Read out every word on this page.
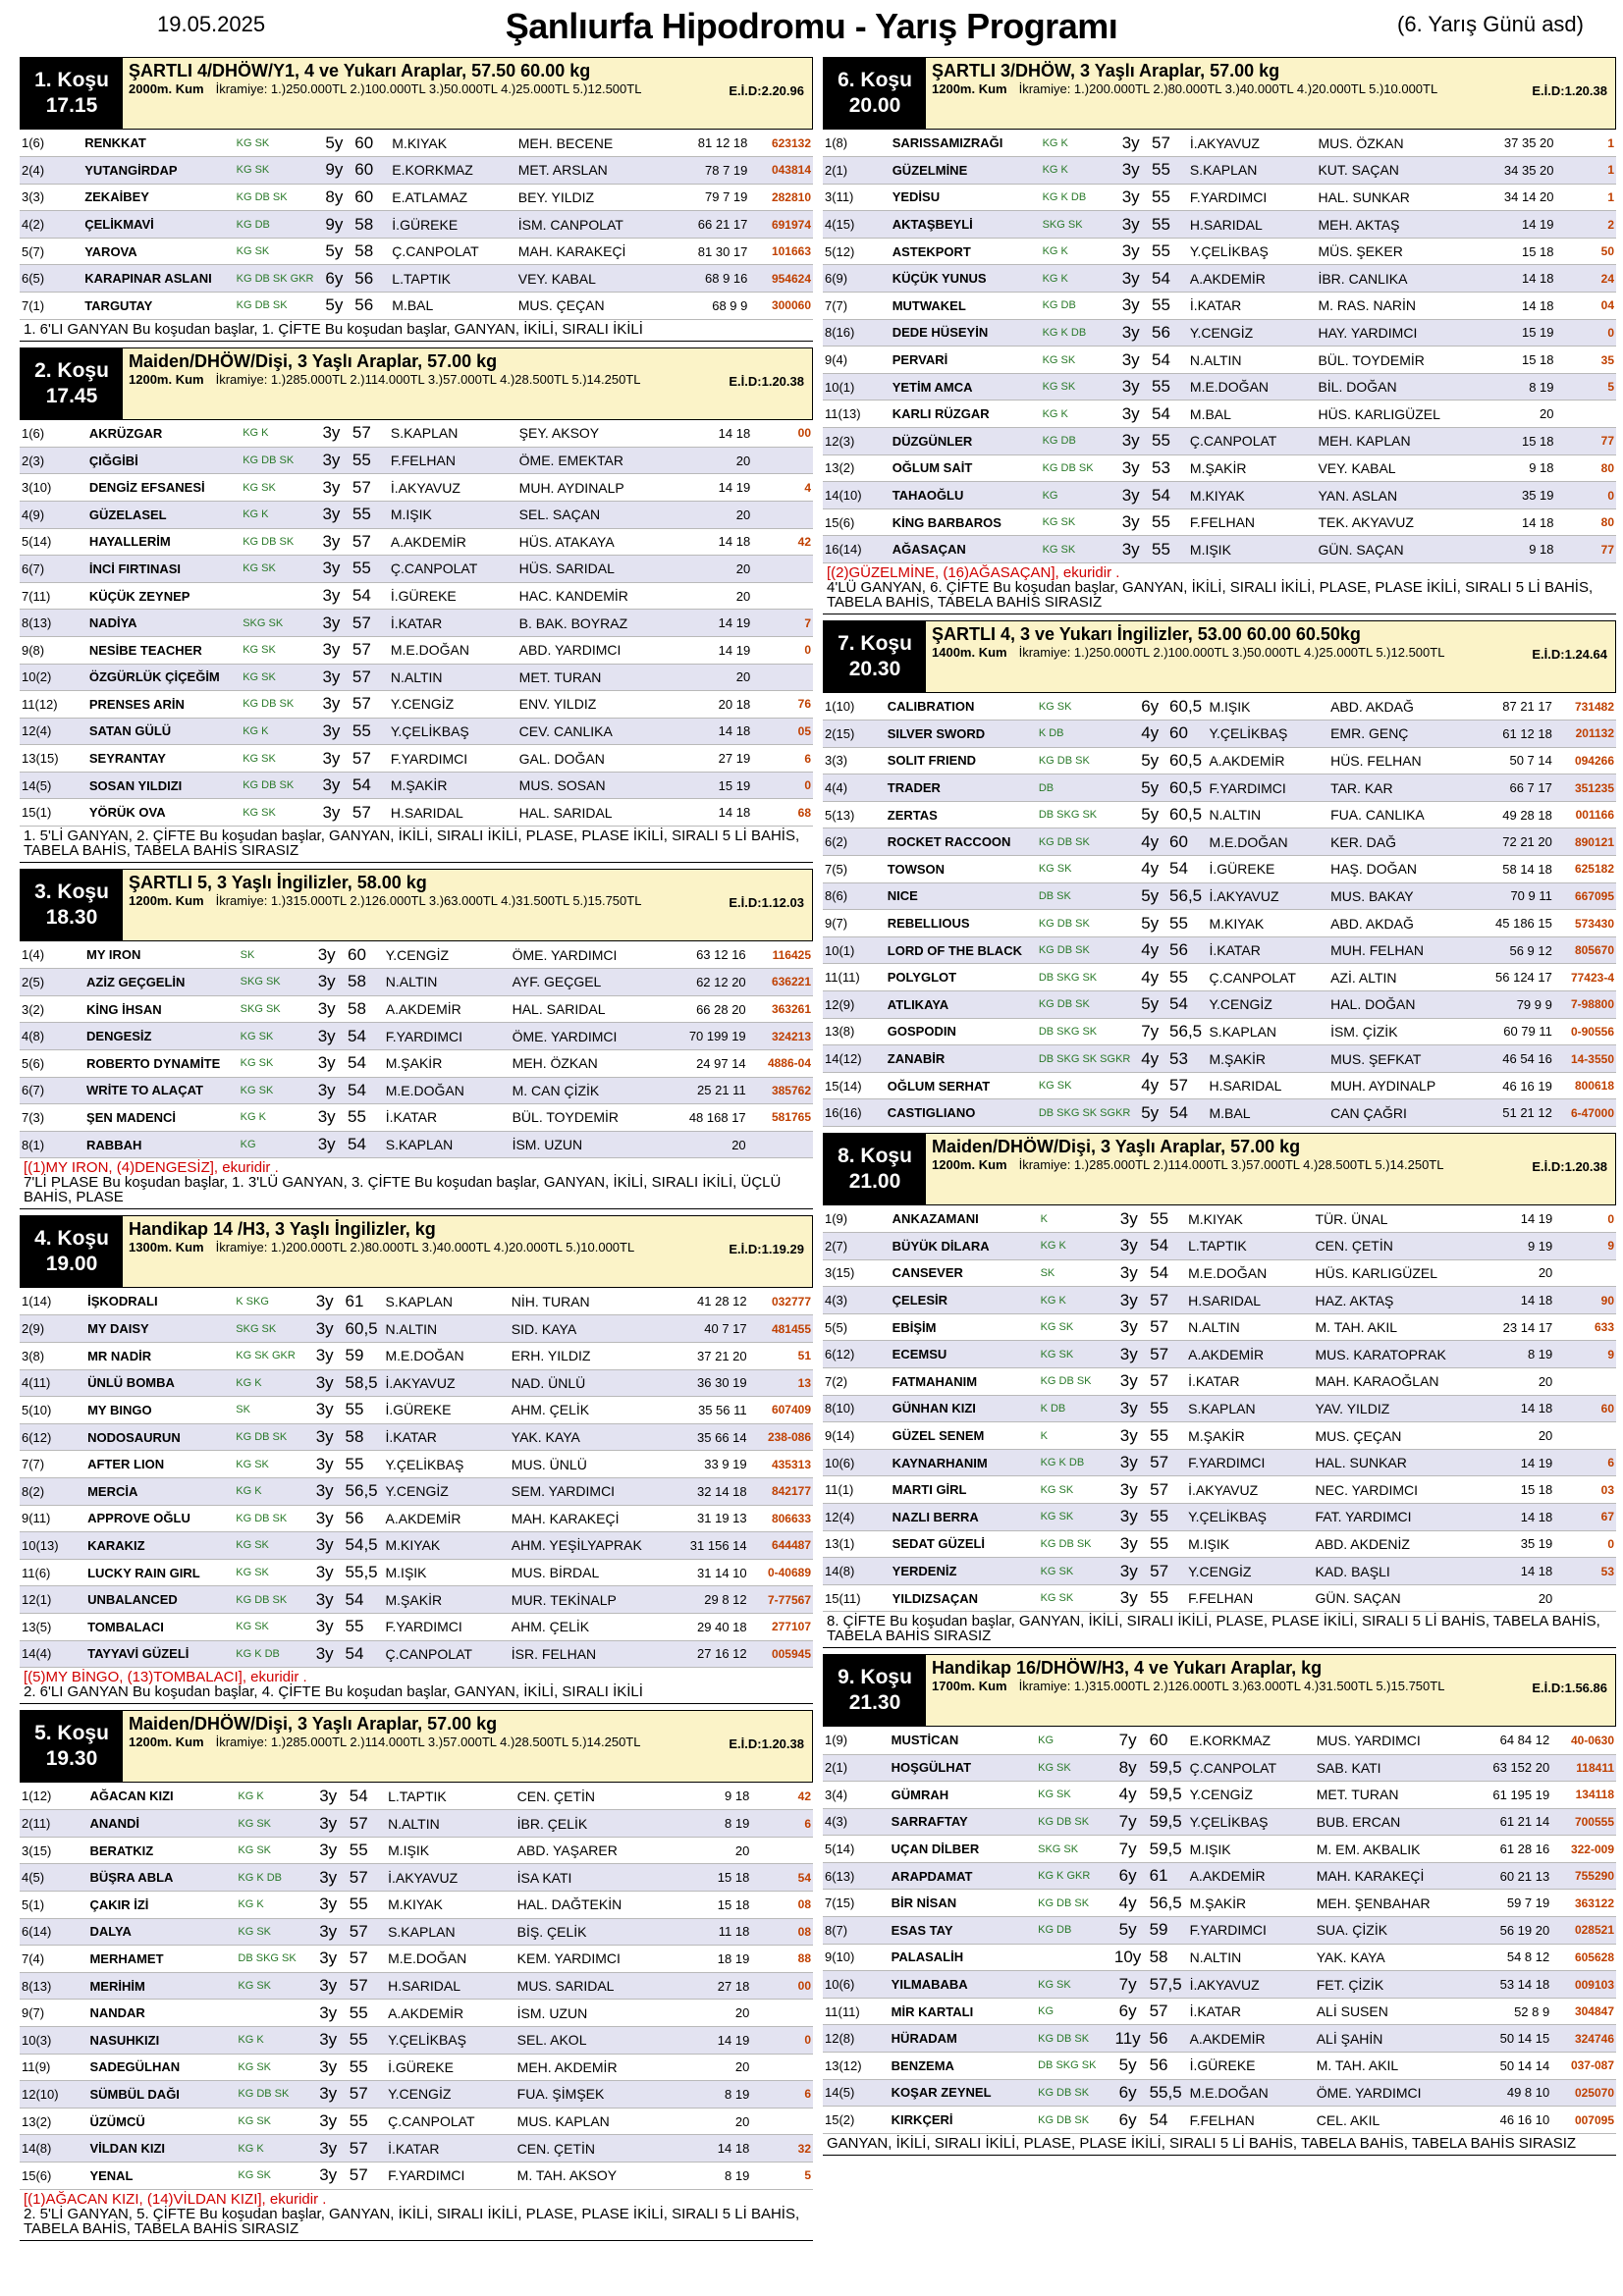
19.05.2025	Şanlıurfa Hipodromu - Yarış Programı	(6. Yarış Günü asd)
1. Koşu
17.15
ŞARTLI 4/DHÖW/Y1, 4 ve Yukarı Araplar, 57.50 60.00 kg
2000m. Kum İkramiye: 1.)250.000TL 2.)100.000TL 3.)50.000TL 4.)25.000TL 5.)12.500TL	E.İ.D:2.20.96
1(6)	RENKKAT	KG SK	5y	60	M.KIYAK	MEH. BECENE	81 12 18	623132
2(4)	YUTANGİRDAP	KG SK	9y	60	E.KORKMAZ	MET. ARSLAN	78 7 19	043814
3(3)	ZEKAİBEY	KG DB SK	8y	60	E.ATLAMAZ	BEY. YILDIZ	79 7 19	282810
4(2)	ÇELİKMAVİ	KG DB	9y	58	İ.GÜREKE	İSM. CANPOLAT	66 21 17	691974
5(7)	YAROVA	KG SK	5y	58	Ç.CANPOLAT	MAH. KARAKEÇİ	81 30 17	101663
6(5)	KARAPINAR ASLANI	KG DB SK GKR	6y	56	L.TAPTIK	VEY. KABAL	68 9 16	954624
7(1)	TARGUTAY	KG DB SK	5y	56	M.BAL	MUS. ÇEÇAN	68 9 9	300060
1. 6'LI GANYAN Bu koşudan başlar, 1. ÇİFTE Bu koşudan başlar, GANYAN, İKİLİ, SIRALI İKİLİ
2. Koşu
17.45
Maiden/DHÖW/Dişi, 3 Yaşlı Araplar, 57.00 kg
1200m. Kum İkramiye: 1.)285.000TL 2.)114.000TL 3.)57.000TL 4.)28.500TL 5.)14.250TL	E.İ.D:1.20.38
1(6)	AKRÜZGAR	KG K	3y	57	S.KAPLAN	ŞEY. AKSOY	14 18	00
2(3)	ÇIĞGİBİ	KG DB SK	3y	55	F.FELHAN	ÖME. EMEKTAR	20	
3(10)	DENGİZ EFSANESİ	KG SK	3y	57	İ.AKYAVUZ	MUH. AYDINALP	14 19	4
4(9)	GÜZELASEL	KG K	3y	55	M.IŞIK	SEL. SAÇAN	20	
5(14)	HAYALLERİM	KG DB SK	3y	57	A.AKDEMİR	HÜS. ATAKAYA	14 18	42
6(7)	İNCİ FIRTINASI	KG SK	3y	55	Ç.CANPOLAT	HÜS. SARIDAL	20	
7(11)	KÜÇÜK ZEYNEP		3y	54	İ.GÜREKE	HAC. KANDEMİR	20	
8(13)	NADİYA	SKG SK	3y	57	İ.KATAR	B. BAK. BOYRAZ	14 19	7
9(8)	NESİBE TEACHER	KG SK	3y	57	M.E.DOĞAN	ABD. YARDIMCI	14 19	0
10(2)	ÖZGÜRLÜK ÇİÇEĞİM	KG SK	3y	57	N.ALTIN	MET. TURAN	20	
11(12)	PRENSES ARİN	KG DB SK	3y	57	Y.CENGİZ	ENV. YILDIZ	20 18	76
12(4)	SATAN GÜLÜ	KG K	3y	55	Y.ÇELİKBAŞ	CEV. CANLIKA	14 18	05
13(15)	SEYRANTAY	KG SK	3y	57	F.YARDIMCI	GAL. DOĞAN	27 19	6
14(5)	SOSAN YILDIZI	KG DB SK	3y	54	M.ŞAKİR	MUS. SOSAN	15 19	0
15(1)	YÖRÜK OVA	KG SK	3y	57	H.SARIDAL	HAL. SARIDAL	14 18	68
1. 5'Lİ GANYAN, 2. ÇİFTE Bu koşudan başlar, GANYAN, İKİLİ, SIRALI İKİLİ, PLASE, PLASE İKİLİ, SIRALI 5 Lİ BAHİS, TABELA BAHİS, TABELA BAHİS SIRASIZ
3. Koşu
18.30
ŞARTLI 5, 3 Yaşlı İngilizler, 58.00 kg
1200m. Kum İkramiye: 1.)315.000TL 2.)126.000TL 3.)63.000TL 4.)31.500TL 5.)15.750TL	E.İ.D:1.12.03
1(4)	MY IRON	SK	3y	60	Y.CENGİZ	ÖME. YARDIMCI	63 12 16	116425
2(5)	AZİZ GEÇGELİN	SKG SK	3y	58	N.ALTIN	AYF. GEÇGEL	62 12 20	636221
3(2)	KİNG İHSAN	SKG SK	3y	58	A.AKDEMİR	HAL. SARIDAL	66 28 20	363261
4(8)	DENGESİZ	KG SK	3y	54	F.YARDIMCI	ÖME. YARDIMCI	70 199 19	324213
5(6)	ROBERTO DYNAMİTE	KG SK	3y	54	M.ŞAKİR	MEH. ÖZKAN	24 97 14	4886-04
6(7)	WRİTE TO ALAÇAT	KG SK	3y	54	M.E.DOĞAN	M. CAN ÇİZİK	25 21 11	385762
7(3)	ŞEN MADENCİ	KG K	3y	55	İ.KATAR	BÜL. TOYDEMİR	48 168 17	581765
8(1)	RABBAH	KG	3y	54	S.KAPLAN	İSM. UZUN	20	
[(1)MY IRON, (4)DENGESİZ], ekuridir .
7'Lİ PLASE Bu koşudan başlar, 1. 3'LÜ GANYAN, 3. ÇİFTE Bu koşudan başlar, GANYAN, İKİLİ, SIRALI İKİLİ, ÜÇLÜ BAHİS, PLASE
4. Koşu
19.00
Handikap 14 /H3, 3 Yaşlı İngilizler, kg
1300m. Kum İkramiye: 1.)200.000TL 2.)80.000TL 3.)40.000TL 4.)20.000TL 5.)10.000TL	E.İ.D:1.19.29
1(14)	İŞKODRALI	K SKG	3y	61	S.KAPLAN	NİH. TURAN	41 28 12	032777
2(9)	MY DAISY	SKG SK	3y	60,5	N.ALTIN	SID. KAYA	40 7 17	481455
3(8)	MR NADİR	KG SK GKR	3y	59	M.E.DOĞAN	ERH. YILDIZ	37 21 20	51
4(11)	ÜNLÜ BOMBA	KG K	3y	58,5	İ.AKYAVUZ	NAD. ÜNLÜ	36 30 19	13
5(10)	MY BINGO	SK	3y	55	İ.GÜREKE	AHM. ÇELİK	35 56 11	607409
6(12)	NODOSAURUN	KG DB SK	3y	58	İ.KATAR	YAK. KAYA	35 66 14	238-086
7(7)	AFTER LION	KG SK	3y	55	Y.ÇELİKBAŞ	MUS. ÜNLÜ	33 9 19	435313
8(2)	MERCİA	KG K	3y	56,5	Y.CENGİZ	SEM. YARDIMCI	32 14 18	842177
9(11)	APPROVE OĞLU	KG DB SK	3y	56	A.AKDEMİR	MAH. KARAKEÇİ	31 19 13	806633
10(13)	KARAKIZ	KG SK	3y	54,5	M.KIYAK	AHM. YEŞİLYAPRAK	31 156 14	644487
11(6)	LUCKY RAIN GIRL	KG SK	3y	55,5	M.IŞIK	MUS. BİRDAL	31 14 10	0-40689
12(1)	UNBALANCED	KG DB SK	3y	54	M.ŞAKİR	MUR. TEKİNALP	29 8 12	7-77567
13(5)	TOMBALACI	KG SK	3y	55	F.YARDIMCI	AHM. ÇELİK	29 40 18	277107
14(4)	TAYYAVİ GÜZELİ	KG K DB	3y	54	Ç.CANPOLAT	İSR. FELHAN	27 16 12	005945
[(5)MY BİNGO, (13)TOMBALACI], ekuridir .
2. 6'LI GANYAN Bu koşudan başlar, 4. ÇİFTE Bu koşudan başlar, GANYAN, İKİLİ, SIRALI İKİLİ
5. Koşu
19.30
Maiden/DHÖW/Dişi, 3 Yaşlı Araplar, 57.00 kg
1200m. Kum İkramiye: 1.)285.000TL 2.)114.000TL 3.)57.000TL 4.)28.500TL 5.)14.250TL	E.İ.D:1.20.38
1(12)	AĞACAN KIZI	KG K	3y	54	L.TAPTIK	CEN. ÇETİN	9 18	42
2(11)	ANANDİ	KG SK	3y	57	N.ALTIN	İBR. ÇELİK	8 19	6
3(15)	BERATKIZ	KG SK	3y	55	M.IŞIK	ABD. YAŞARER	20	
4(5)	BÜŞRA ABLA	KG K DB	3y	57	İ.AKYAVUZ	İSA KATI	15 18	54
5(1)	ÇAKIR İZİ	KG K	3y	55	M.KIYAK	HAL. DAĞTEKİN	15 18	08
6(14)	DALYA	KG SK	3y	57	S.KAPLAN	BİŞ. ÇELİK	11 18	08
7(4)	MERHAMET	DB SKG SK	3y	57	M.E.DOĞAN	KEM. YARDIMCI	18 19	88
8(13)	MERİHİM	KG SK	3y	57	H.SARIDAL	MUS. SARIDAL	27 18	00
9(7)	NANDAR		3y	55	A.AKDEMİR	İSM. UZUN	20	
10(3)	NASUHKIZI	KG K	3y	55	Y.ÇELİKBAŞ	SEL. AKOL	14 19	0
11(9)	SADEGÜLHAN	KG SK	3y	55	İ.GÜREKE	MEH. AKDEMİR	20	
12(10)	SÜMBÜL DAĞI	KG DB SK	3y	57	Y.CENGİZ	FUA. ŞİMŞEK	8 19	6
13(2)	ÜZÜMCÜ	KG SK	3y	55	Ç.CANPOLAT	MUS. KAPLAN	20	
14(8)	VİLDAN KIZI	KG K	3y	57	İ.KATAR	CEN. ÇETİN	14 18	32
15(6)	YENAL	KG SK	3y	57	F.YARDIMCI	M. TAH. AKSOY	8 19	5
[(1)AĞACAN KIZI, (14)VİLDAN KIZI], ekuridir .
2. 5'Lİ GANYAN, 5. ÇİFTE Bu koşudan başlar, GANYAN, İKİLİ, SIRALI İKİLİ, PLASE, PLASE İKİLİ, SIRALI 5 Lİ BAHİS, TABELA BAHİS, TABELA BAHİS SIRASIZ
6. Koşu
20.00
ŞARTLI 3/DHÖW, 3 Yaşlı Araplar, 57.00 kg
1200m. Kum İkramiye: 1.)200.000TL 2.)80.000TL 3.)40.000TL 4.)20.000TL 5.)10.000TL	E.İ.D:1.20.38
1(8)	SARISSAMIZRAĞI	KG K	3y	57	İ.AKYAVUZ	MUS. ÖZKAN	37 35 20	1
2(1)	GÜZELMİNE	KG K	3y	55	S.KAPLAN	KUT. SAÇAN	34 35 20	1
3(11)	YEDİSU	KG K DB	3y	55	F.YARDIMCI	HAL. SUNKAR	34 14 20	1
4(15)	AKTAŞBEYLİ	SKG SK	3y	55	H.SARIDAL	MEH. AKTAŞ	14 19	2
5(12)	ASTEKPORT	KG K	3y	55	Y.ÇELİKBAŞ	MÜS. ŞEKER	15 18	50
6(9)	KÜÇÜK YUNUS	KG K	3y	54	A.AKDEMİR	İBR. CANLIKA	14 18	24
7(7)	MUTWAKEL	KG DB	3y	55	İ.KATAR	M. RAS. NARİN	14 18	04
8(16)	DEDE HÜSEYİN	KG K DB	3y	56	Y.CENGİZ	HAY. YARDIMCI	15 19	0
9(4)	PERVARİ	KG SK	3y	54	N.ALTIN	BÜL. TOYDEMİR	15 18	35
10(1)	YETİM AMCA	KG SK	3y	55	M.E.DOĞAN	BİL. DOĞAN	8 19	5
11(13)	KARLI RÜZGAR	KG K	3y	54	M.BAL	HÜS. KARLIGÜZEL	20	
12(3)	DÜZGÜNLER	KG DB	3y	55	Ç.CANPOLAT	MEH. KAPLAN	15 18	77
13(2)	OĞLUM SAİT	KG DB SK	3y	53	M.ŞAKİR	VEY. KABAL	9 18	80
14(10)	TAHAOĞLU	KG	3y	54	M.KIYAK	YAN. ASLAN	35 19	0
15(6)	KİNG BARBAROS	KG SK	3y	55	F.FELHAN	TEK. AKYAVUZ	14 18	80
16(14)	AĞASAÇAN	KG SK	3y	55	M.IŞIK	GÜN. SAÇAN	9 18	77
[(2)GÜZELMİNE, (16)AĞASAÇAN], ekuridir .
4'LÜ GANYAN, 6. ÇİFTE Bu koşudan başlar, GANYAN, İKİLİ, SIRALI İKİLİ, PLASE, PLASE İKİLİ, SIRALI 5 Lİ BAHİS, TABELA BAHİS, TABELA BAHİS SIRASIZ
7. Koşu
20.30
ŞARTLI 4, 3 ve Yukarı İngilizler, 53.00 60.00 60.50kg
1400m. Kum İkramiye: 1.)250.000TL 2.)100.000TL 3.)50.000TL 4.)25.000TL 5.)12.500TL	E.İ.D:1.24.64
1(10)	CALIBRATION	KG SK	6y	60,5	M.IŞIK	ABD. AKDAĞ	87 21 17	731482
2(15)	SILVER SWORD	K DB	4y	60	Y.ÇELİKBAŞ	EMR. GENÇ	61 12 18	201132
3(3)	SOLIT FRIEND	KG DB SK	5y	60,5	A.AKDEMİR	HÜS. FELHAN	50 7 14	094266
4(4)	TRADER	DB	5y	60,5	F.YARDIMCI	TAR. KAR	66 7 17	351235
5(13)	ZERTAS	DB SKG SK	5y	60,5	N.ALTIN	FUA. CANLIKA	49 28 18	001166
6(2)	ROCKET RACCOON	KG DB SK	4y	60	M.E.DOĞAN	KER. DAĞ	72 21 20	890121
7(5)	TOWSON	KG SK	4y	54	İ.GÜREKE	HAŞ. DOĞAN	58 14 18	625182
8(6)	NICE	DB SK	5y	56,5	İ.AKYAVUZ	MUS. BAKAY	70 9 11	667095
9(7)	REBELLIOUS	KG DB SK	5y	55	M.KIYAK	ABD. AKDAĞ	45 186 15	573430
10(1)	LORD OF THE BLACK	KG DB SK	4y	56	İ.KATAR	MUH. FELHAN	56 9 12	805670
11(11)	POLYGLOT	DB SKG SK	4y	55	Ç.CANPOLAT	AZİ. ALTIN	56 124 17	77423-4
12(9)	ATLIKAYA	KG DB SK	5y	54	Y.CENGİZ	HAL. DOĞAN	79 9 9	7-98800
13(8)	GOSPODIN	DB SKG SK	7y	56,5	S.KAPLAN	İSM. ÇİZİK	60 79 11	0-90556
14(12)	ZANABİR	DB SKG SK SGKR	4y	53	M.ŞAKİR	MUS. ŞEFKAT	46 54 16	14-3550
15(14)	OĞLUM SERHAT	KG SK	4y	57	H.SARIDAL	MUH. AYDINALP	46 16 19	800618
16(16)	CASTIGLIANO	DB SKG SK SGKR	5y	54	M.BAL	CAN ÇAĞRI	51 21 12	6-47000
8. Koşu
21.00
Maiden/DHÖW/Dişi, 3 Yaşlı Araplar, 57.00 kg
1200m. Kum İkramiye: 1.)285.000TL 2.)114.000TL 3.)57.000TL 4.)28.500TL 5.)14.250TL	E.İ.D:1.20.38
1(9)	ANKAZAMANI	K	3y	55	M.KIYAK	TÜR. ÜNAL	14 19	0
2(7)	BÜYÜK DİLARA	KG K	3y	54	L.TAPTIK	CEN. ÇETİN	9 19	9
3(15)	CANSEVER	SK	3y	54	M.E.DOĞAN	HÜS. KARLIGÜZEL	20	
4(3)	ÇELESİR	KG K	3y	57	H.SARIDAL	HAZ. AKTAŞ	14 18	90
5(5)	EBİŞİM	KG SK	3y	57	N.ALTIN	M. TAH. AKIL	23 14 17	633
6(12)	ECEMSU	KG SK	3y	57	A.AKDEMİR	MUS. KARATOPRAK	8 19	9
7(2)	FATMAHANIM	KG DB SK	3y	57	İ.KATAR	MAH. KARAOĞLAN	20	
8(10)	GÜNHAN KIZI	K DB	3y	55	S.KAPLAN	YAV. YILDIZ	14 18	60
9(14)	GÜZEL SENEM	K	3y	55	M.ŞAKİR	MUS. ÇEÇAN	20	
10(6)	KAYNARHANIM	KG K DB	3y	57	F.YARDIMCI	HAL. SUNKAR	14 19	6
11(1)	MARTI GİRL	KG SK	3y	57	İ.AKYAVUZ	NEC. YARDIMCI	15 18	03
12(4)	NAZLI BERRA	KG SK	3y	55	Y.ÇELİKBAŞ	FAT. YARDIMCI	14 18	67
13(1)	SEDAT GÜZELİ	KG DB SK	3y	55	M.IŞIK	ABD. AKDENİZ	35 19	0
14(8)	YERDENİZ	KG SK	3y	57	Y.CENGİZ	KAD. BAŞLI	14 18	53
15(11)	YILDIZSAÇAN	KG SK	3y	55	F.FELHAN	GÜN. SAÇAN	20	
8. ÇİFTE Bu koşudan başlar, GANYAN, İKİLİ, SIRALI İKİLİ, PLASE, PLASE İKİLİ, SIRALI 5 Lİ BAHİS, TABELA BAHİS, TABELA BAHİS SIRASIZ
9. Koşu
21.30
Handikap 16/DHÖW/H3, 4 ve Yukarı Araplar, kg
1700m. Kum İkramiye: 1.)315.000TL 2.)126.000TL 3.)63.000TL 4.)31.500TL 5.)15.750TL	E.İ.D:1.56.86
1(9)	MUSTİCAN	KG	7y	60	E.KORKMAZ	MUS. YARDIMCI	64 84 12	40-0630
2(1)	HOŞGÜLHAT	KG SK	8y	59,5	Ç.CANPOLAT	SAB. KATI	63 152 20	118411
3(4)	GÜMRAH	KG SK	4y	59,5	Y.CENGİZ	MET. TURAN	61 195 19	134118
4(3)	SARRAFTAY	KG DB SK	7y	59,5	Y.ÇELİKBAŞ	BUB. ERCAN	61 21 14	700555
5(14)	UÇAN DİLBER	SKG SK	7y	59,5	M.IŞIK	M. EM. AKBALIK	61 28 16	322-009
6(13)	ARAPDAMAT	KG K GKR	6y	61	A.AKDEMİR	MAH. KARAKEÇİ	60 21 13	755290
7(15)	BİR NİSAN	KG DB SK	4y	56,5	M.ŞAKİR	MEH. ŞENBAHAR	59 7 19	363122
8(7)	ESAS TAY	KG DB	5y	59	F.YARDIMCI	SUA. ÇİZİK	56 19 20	028521
9(10)	PALASALİH		10y	58	N.ALTIN	YAK. KAYA	54 8 12	605628
10(6)	YILMABABA	KG SK	7y	57,5	İ.AKYAVUZ	FET. ÇİZİK	53 14 18	009103
11(11)	MİR KARTALI	KG	6y	57	İ.KATAR	ALİ SUSEN	52 8 9	304847
12(8)	HÜRADAM	KG DB SK	11y	56	A.AKDEMİR	ALİ ŞAHİN	50 14 15	324746
13(12)	BENZEMA	DB SKG SK	5y	56	İ.GÜREKE	M. TAH. AKIL	50 14 14	037-087
14(5)	KOŞAR ZEYNEL	KG DB SK	6y	55,5	M.E.DOĞAN	ÖME. YARDIMCI	49 8 10	025070
15(2)	KIRKÇERİ	KG DB SK	6y	54	F.FELHAN	CEL. AKIL	46 16 10	007095
GANYAN, İKİLİ, SIRALI İKİLİ, PLASE, PLASE İKİLİ, SIRALI 5 Lİ BAHİS, TABELA BAHİS, TABELA BAHİS SIRASIZ
